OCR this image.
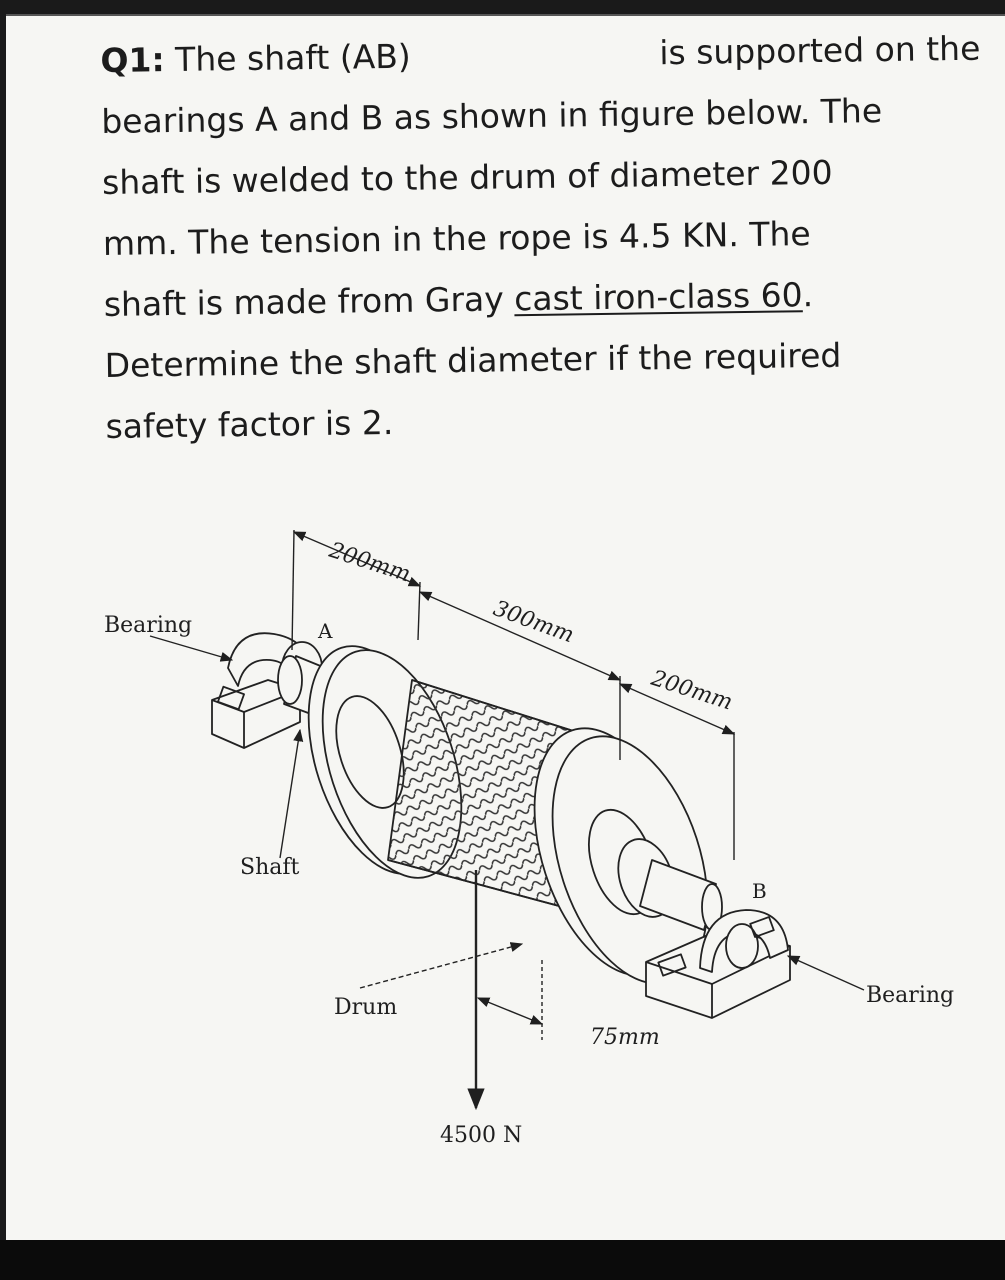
Q1: The shaft (AB)	is supported on the
bearings A and B as shown in figure below. The
shaft is welded to the drum of diameter 200
mm. The tension in the rope is 4.5 KN. The
shaft is made from Gray cast iron-class 60.
Determine the shaft diameter if the required
safety factor is 2.
200mm
300mm
200mm
75mm
Bearing
Bearing
A
B
Shaft
Drum
4500 N
